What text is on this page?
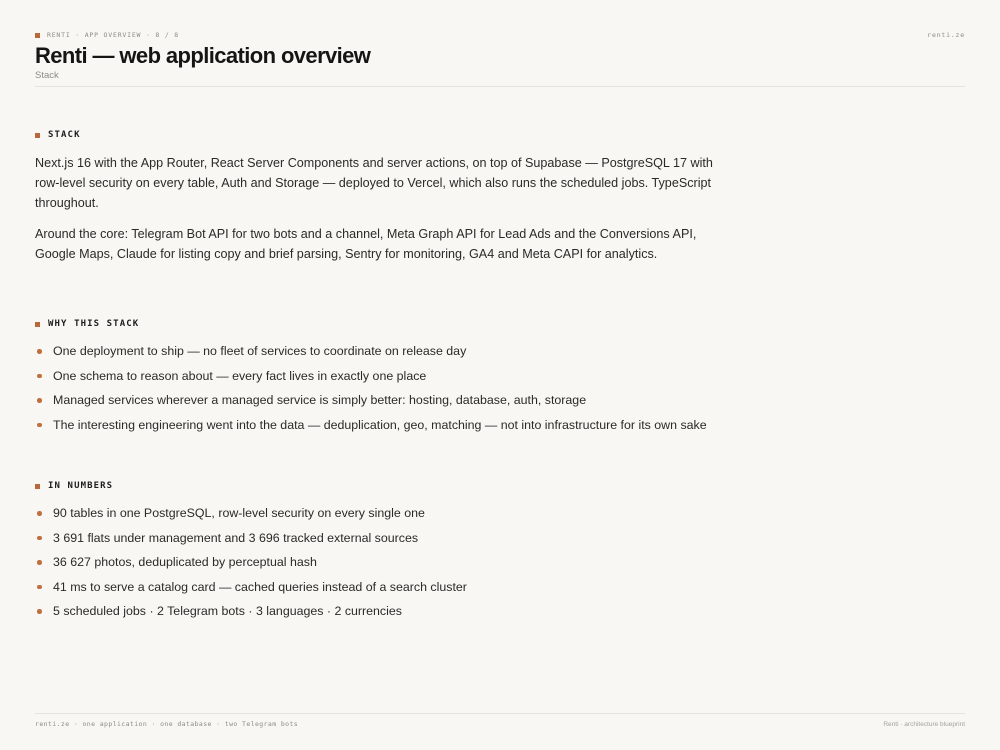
RENTI · APP OVERVIEW · 8 / 8	renti.ze
Renti — web application overview
Stack
STACK

Next.js 16 with the App Router, React Server Components and server actions, on top of Supabase — PostgreSQL 17 with row-level security on every table, Auth and Storage — deployed to Vercel, which also runs the scheduled jobs. TypeScript throughout.

Around the core: Telegram Bot API for two bots and a channel, Meta Graph API for Lead Ads and the Conversions API, Google Maps, Claude for listing copy and brief parsing, Sentry for monitoring, GA4 and Meta CAPI for analytics.

WHY THIS STACK
One deployment to ship — no fleet of services to coordinate on release day
One schema to reason about — every fact lives in exactly one place
Managed services wherever a managed service is simply better: hosting, database, auth, storage
The interesting engineering went into the data — deduplication, geo, matching — not into infrastructure for its own sake
IN NUMBERS
90 tables in one PostgreSQL, row-level security on every single one
3 691 flats under management and 3 696 tracked external sources
36 627 photos, deduplicated by perceptual hash
41 ms to serve a catalog card — cached queries instead of a search cluster
5 scheduled jobs · 2 Telegram bots · 3 languages · 2 currencies
renti.ze · one application · one database · two Telegram bots	Renti · architecture blueprint
